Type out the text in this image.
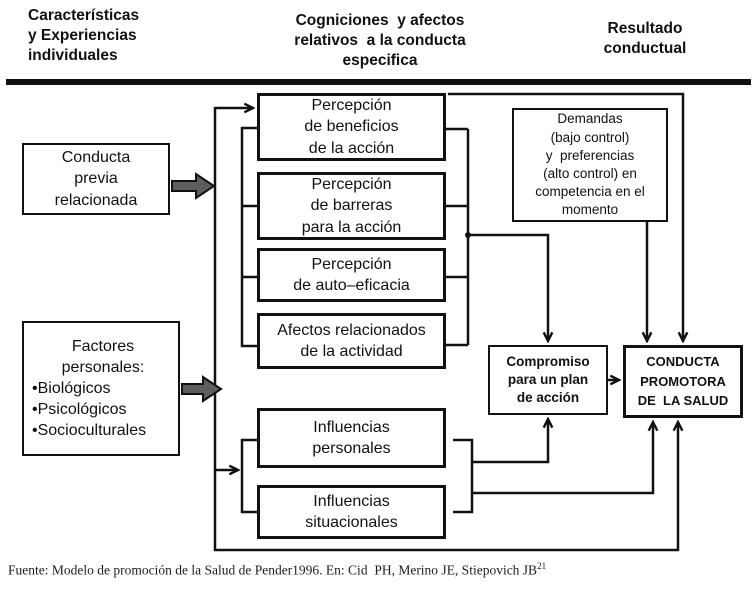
Características
y Experiencias
individuales
Cogniciones  y afectos
relativos  a la conducta
especifica
Resultado
conductual
Conducta
previa
relacionada
Factores
personales:
•Biológicos
•Psicológicos
•Socioculturales
Percepción
de beneficios
de la acción
Percepción
de barreras
para la acción
Percepción
de auto–eficacia
Afectos relacionados
de la actividad
Influencias
personales
Influencias
situacionales
Demandas
(bajo control)
y  preferencias
(alto control) en
competencia en el
momento
Compromiso
para un plan
de acción
CONDUCTA
PROMOTORA
DE  LA SALUD
Fuente: Modelo de promoción de la Salud de Pender1996. En: Cid  PH, Merino JE, Stiepovich JB$^{21}$
